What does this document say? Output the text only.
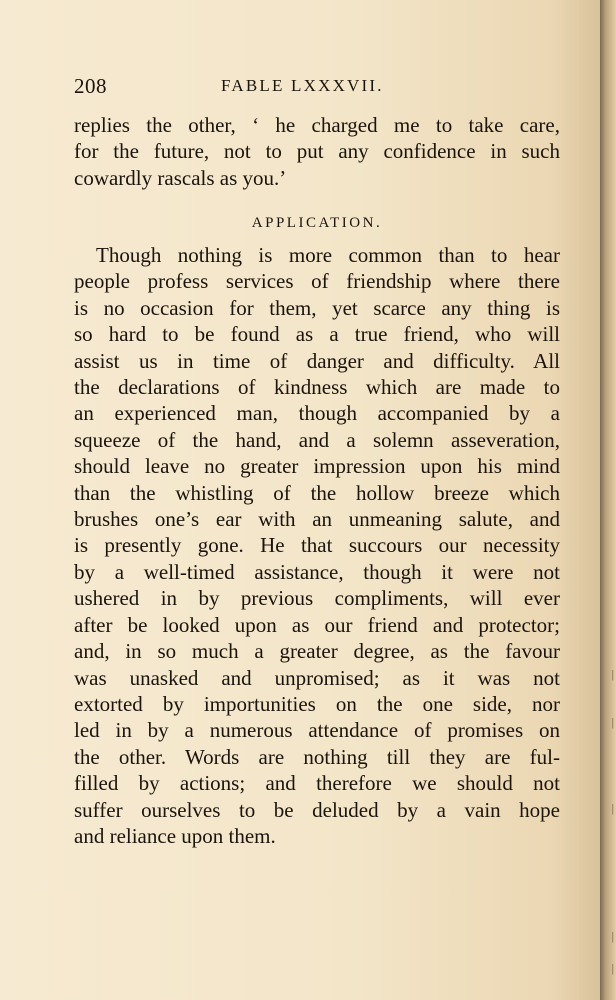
208	FABLE LXXXVII.
replies the other, ‘ he charged me to take care,
for the future, not to put any confidence in such
cowardly rascals as you.’
APPLICATION.
Though nothing is more common than to hear
people profess services of friendship where there
is no occasion for them, yet scarce any thing is
so hard to be found as a true friend, who will
assist us in time of danger and difficulty. All
the declarations of kindness which are made to
an experienced man, though accompanied by a
squeeze of the hand, and a solemn asseveration,
should leave no greater impression upon his mind
than the whistling of the hollow breeze which
brushes one’s ear with an unmeaning salute, and
is presently gone. He that succours our necessity
by a well-timed assistance, though it were not
ushered in by previous compliments, will ever
after be looked upon as our friend and protector;
and, in so much a greater degree, as the favour
was unasked and unpromised; as it was not
extorted by importunities on the one side, nor
led in by a numerous attendance of promises on
the other. Words are nothing till they are ful-
filled by actions; and therefore we should not
suffer ourselves to be deluded by a vain hope
and reliance upon them.
|
|
|
|
|
